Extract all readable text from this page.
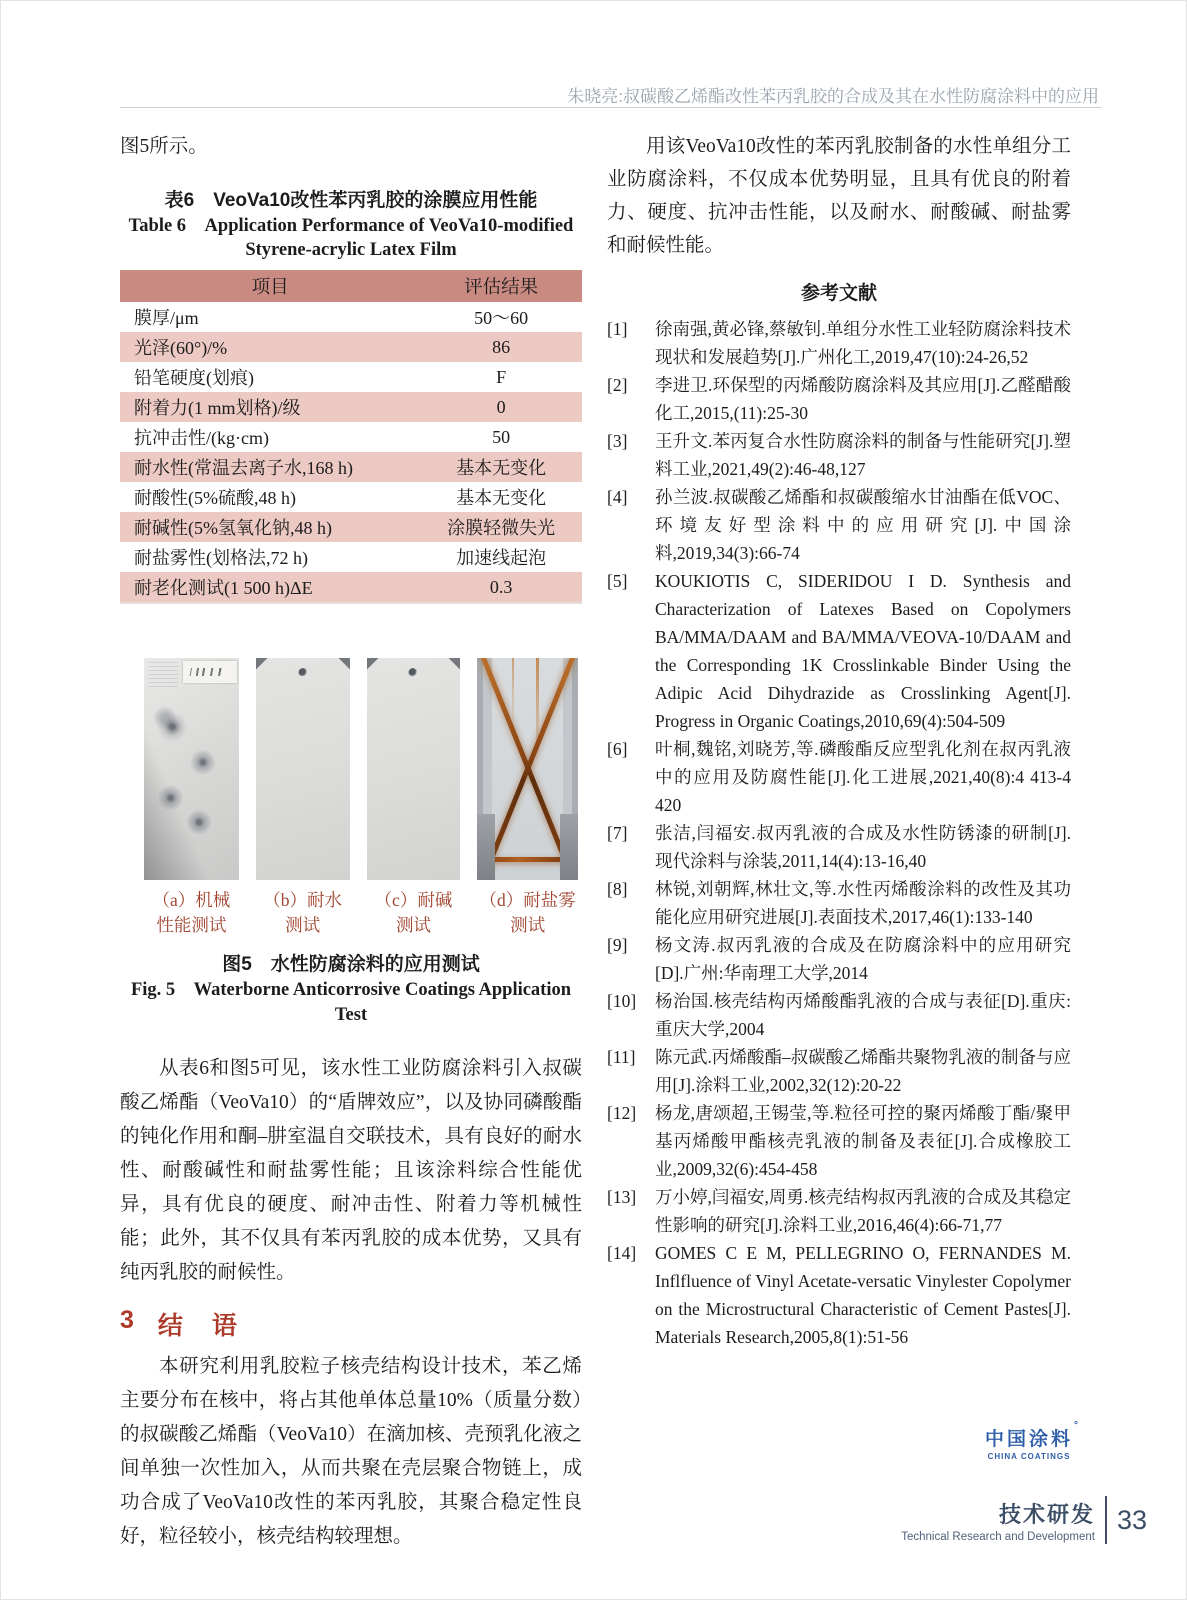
朱晓亮:叔碳酸乙烯酯改性苯丙乳胶的合成及其在水性防腐涂料中的应用
图5所示。
表6　VeoVa10改性苯丙乳胶的涂膜应用性能
Table 6　Application Performance of VeoVa10-modified
Styrene-acrylic Latex Film
项目	评估结果
膜厚/μm	50～60
光泽(60°)/%	86
铅笔硬度(划痕)	F
附着力(1 mm划格)/级	0
抗冲击性/(kg·cm)	50
耐水性(常温去离子水,168 h)	基本无变化
耐酸性(5%硫酸,48 h)	基本无变化
耐碱性(5%氢氧化钠,48 h)	涂膜轻微失光
耐盐雾性(划格法,72 h)	加速线起泡
耐老化测试(1 500 h)ΔE	0.3
（a）机械
性能测试
（b）耐水
测试
（c）耐碱
测试
（d）耐盐雾
测试
图5　水性防腐涂料的应用测试
Fig. 5　Waterborne Anticorrosive Coatings Application
Test
从表6和图5可见，该水性工业防腐涂料引入叔碳酸乙烯酯（VeoVa10）的“盾牌效应”，以及协同磷酸酯的钝化作用和酮–肼室温自交联技术，具有良好的耐水性、耐酸碱性和耐盐雾性能；且该涂料综合性能优异，具有优良的硬度、耐冲击性、附着力等机械性能；此外，其不仅具有苯丙乳胶的成本优势，又具有纯丙乳胶的耐候性。
3 结　语
本研究利用乳胶粒子核壳结构设计技术，苯乙烯主要分布在核中，将占其他单体总量10%（质量分数）的叔碳酸乙烯酯（VeoVa10）在滴加核、壳预乳化液之间单独一次性加入，从而共聚在壳层聚合物链上，成功合成了VeoVa10改性的苯丙乳胶，其聚合稳定性良好，粒径较小，核壳结构较理想。
用该VeoVa10改性的苯丙乳胶制备的水性单组分工业防腐涂料，不仅成本优势明显，且具有优良的附着力、硬度、抗冲击性能，以及耐水、耐酸碱、耐盐雾和耐候性能。
参考文献
[1]	徐南强,黄必锋,蔡敏钊.单组分水性工业轻防腐涂料技术现状和发展趋势[J].广州化工,2019,47(10):24-26,52
[2]	李进卫.环保型的丙烯酸防腐涂料及其应用[J].乙醛醋酸化工,2015,(11):25-30
[3]	王升文.苯丙复合水性防腐涂料的制备与性能研究[J].塑料工业,2021,49(2):46-48,127
[4]	孙兰波.叔碳酸乙烯酯和叔碳酸缩水甘油酯在低VOC、环境友好型涂料中的应用研究[J].中国涂料,2019,34(3):66-74
[5]	KOUKIOTIS C, SIDERIDOU I D. Synthesis and Characterization of Latexes Based on Copolymers BA/MMA/DAAM and BA/MMA/VEOVA-10/DAAM and the Corresponding 1K Crosslinkable Binder Using the Adipic Acid Dihydrazide as Crosslinking Agent[J]. Progress in Organic Coatings,2010,69(4):504-509
[6]	叶桐,魏铭,刘晓芳,等.磷酸酯反应型乳化剂在叔丙乳液中的应用及防腐性能[J].化工进展,2021,40(8):4 413-4 420
[7]	张洁,闫福安.叔丙乳液的合成及水性防锈漆的研制[J].现代涂料与涂装,2011,14(4):13-16,40
[8]	林锐,刘朝辉,林壮文,等.水性丙烯酸涂料的改性及其功能化应用研究进展[J].表面技术,2017,46(1):133-140
[9]	杨文涛.叔丙乳液的合成及在防腐涂料中的应用研究[D].广州:华南理工大学,2014
[10]	杨治国.核壳结构丙烯酸酯乳液的合成与表征[D].重庆:重庆大学,2004
[11]	陈元武.丙烯酸酯–叔碳酸乙烯酯共聚物乳液的制备与应用[J].涂料工业,2002,32(12):20-22
[12]	杨龙,唐颂超,王锡莹,等.粒径可控的聚丙烯酸丁酯/聚甲基丙烯酸甲酯核壳乳液的制备及表征[J].合成橡胶工业,2009,32(6):454-458
[13]	万小婷,闫福安,周勇.核壳结构叔丙乳液的合成及其稳定性影响的研究[J].涂料工业,2016,46(4):66-71,77
[14]	GOMES C E M, PELLEGRINO O, FERNANDES M. Inflfluence of Vinyl Acetate-versatic Vinylester Copolymer on the Microstructural Characteristic of Cement Pastes[J]. Materials Research,2005,8(1):51-56
中国涂料 °
CHINA COATINGS
技术研发
Technical Research and Development
33
